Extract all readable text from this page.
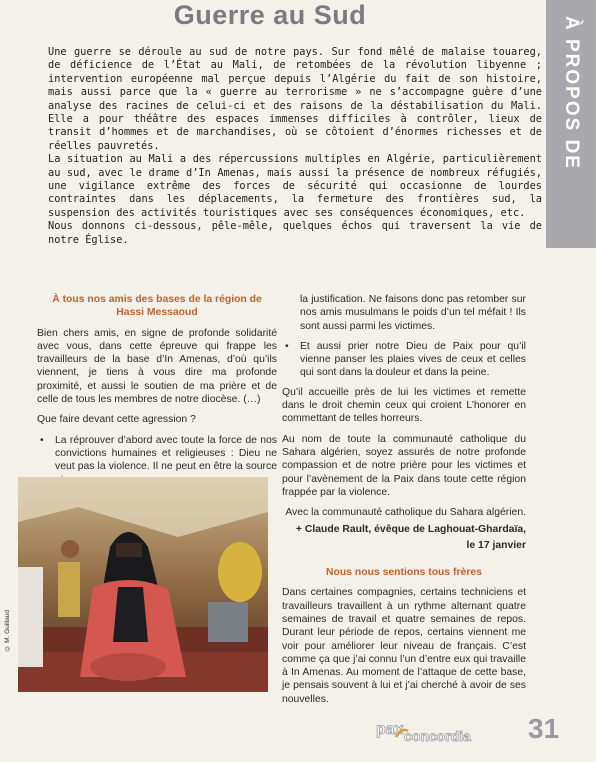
Guerre au Sud
À PROPOS DE

Une guerre se déroule au sud de notre pays. Sur fond mêlé de malaise touareg, de déficience de l’État au Mali, de retombées de la révolution libyenne ; intervention européenne mal perçue depuis l’Algérie du fait de son histoire, mais aussi parce que la « guerre au terrorisme » ne s’accompagne guère d’une analyse des racines de celui-ci et des raisons de la déstabilisation du Mali. Elle a pour théâtre des espaces immenses difficiles à contrôler, lieux de transit d’hommes et de marchandises, où se côtoient d’énormes richesses et de réelles pauvretés.

La situation au Mali a des répercussions multiples en Algérie, particulièrement au sud, avec le drame d’In Amenas, mais aussi la présence de nombreux réfugiés, une vigilance extrême des forces de sécurité qui occasionne de lourdes contraintes dans les déplacements, la fermeture des frontières sud, la suspension des activités touristiques avec ses conséquences économiques, etc.

Nous donnons ci-dessous, pêle-mêle, quelques échos qui traversent la vie de notre Église.

À tous nos amis des bases de la région de Hassi Messaoud
Bien chers amis, en signe de profonde solidarité avec vous, dans cette épreuve qui frappe les travailleurs de la base d’In Amenas, d’où qu’ils viennent, je tiens à vous dire ma profonde proximité, et aussi le soutien de ma prière et de celle de tous les membres de notre diocèse. (…)
Que faire devant cette agression ?
• La réprouver d’abord avec toute la force de nos convictions humaines et religieuses : Dieu ne veut pas la violence. Il ne peut en être la source
© M. Guillaud
la justification. Ne faisons donc pas retomber sur nos amis musulmans le poids d’un tel méfait ! Ils sont aussi parmi les victimes.
• Et aussi prier notre Dieu de Paix pour qu’il vienne panser les plaies vives de ceux et celles qui sont dans la douleur et dans la peine.
Qu’il accueille près de lui les victimes et remette dans le droit chemin ceux qui croient L’honorer en commettant de telles horreurs.
Au nom de toute la communauté catholique du Sahara algérien, soyez assurés de notre profonde compassion et de notre prière pour les victimes et pour l’avènement de la Paix dans toute cette région frappée par la violence.
Avec la communauté catholique du Sahara algérien.
+ Claude Rault, évêque de Laghouat-Ghardaïa,
le 17 janvier
Nous nous sentions tous frères
Dans certaines compagnies, certains techniciens et travailleurs travaillent à un rythme alternant quatre semaines de travail et quatre semaines de repos. Durant leur période de repos, certains viennent me voir pour améliorer leur niveau de français. C’est comme ça que j’ai connu l’un d’entre eux qui travaille à In Amenas. Au moment de l’attaque de cette base, je pensais souvent à lui et j’ai cherché à avoir de ses nouvelles.
pax concordia 31
